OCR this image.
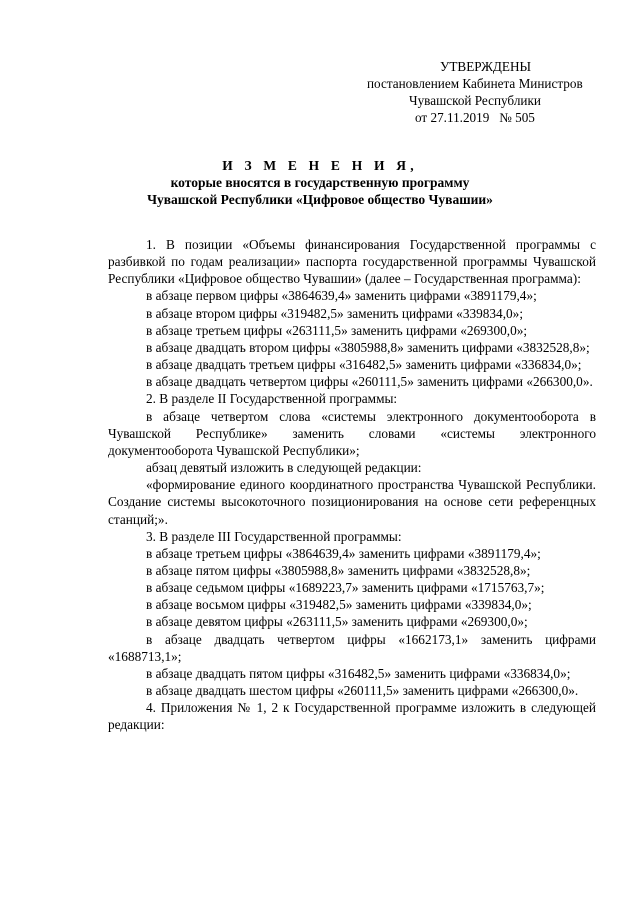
УТВЕРЖДЕНЫ
постановлением Кабинета Министров
Чувашской Республики
от 27.11.2019   № 505
И З М Е Н Е Н И Я,
которые вносятся в государственную программу
Чувашской Республики «Цифровое общество Чувашии»

1. В позиции «Объемы финансирования Государственной программы с разбивкой по годам реализации» паспорта государственной программы Чувашской Республики «Цифровое общество Чувашии» (далее – Государственная программа):

в абзаце первом цифры «3864639,4» заменить цифрами «3891179,4»;

в абзаце втором цифры «319482,5» заменить цифрами «339834,0»;

в абзаце третьем цифры «263111,5» заменить цифрами «269300,0»;

в абзаце двадцать втором цифры «3805988,8» заменить цифрами «3832528,8»;

в абзаце двадцать третьем цифры «316482,5» заменить цифрами «336834,0»;

в абзаце двадцать четвертом цифры «260111,5» заменить цифрами «266300,0».

2. В разделе II Государственной программы:

в абзаце четвертом слова «системы электронного документооборота в Чувашской Республике» заменить словами «системы электронного документооборота Чувашской Республики»;

абзац девятый изложить в следующей редакции:

«формирование единого координатного пространства Чувашской Республики. Создание системы высокоточного позиционирования на основе сети референцных станций;».

3. В разделе III Государственной программы:

в абзаце третьем цифры «3864639,4» заменить цифрами «3891179,4»;

в абзаце пятом цифры «3805988,8» заменить цифрами «3832528,8»;

в абзаце седьмом цифры «1689223,7» заменить цифрами «1715763,7»;

в абзаце восьмом цифры «319482,5» заменить цифрами «339834,0»;

в абзаце девятом цифры «263111,5» заменить цифрами «269300,0»;

в абзаце двадцать четвертом цифры «1662173,1» заменить цифрами «1688713,1»;

в абзаце двадцать пятом цифры «316482,5» заменить цифрами «336834,0»;

в абзаце двадцать шестом цифры «260111,5» заменить цифрами «266300,0».

4. Приложения № 1, 2 к Государственной программе изложить в следующей редакции:
